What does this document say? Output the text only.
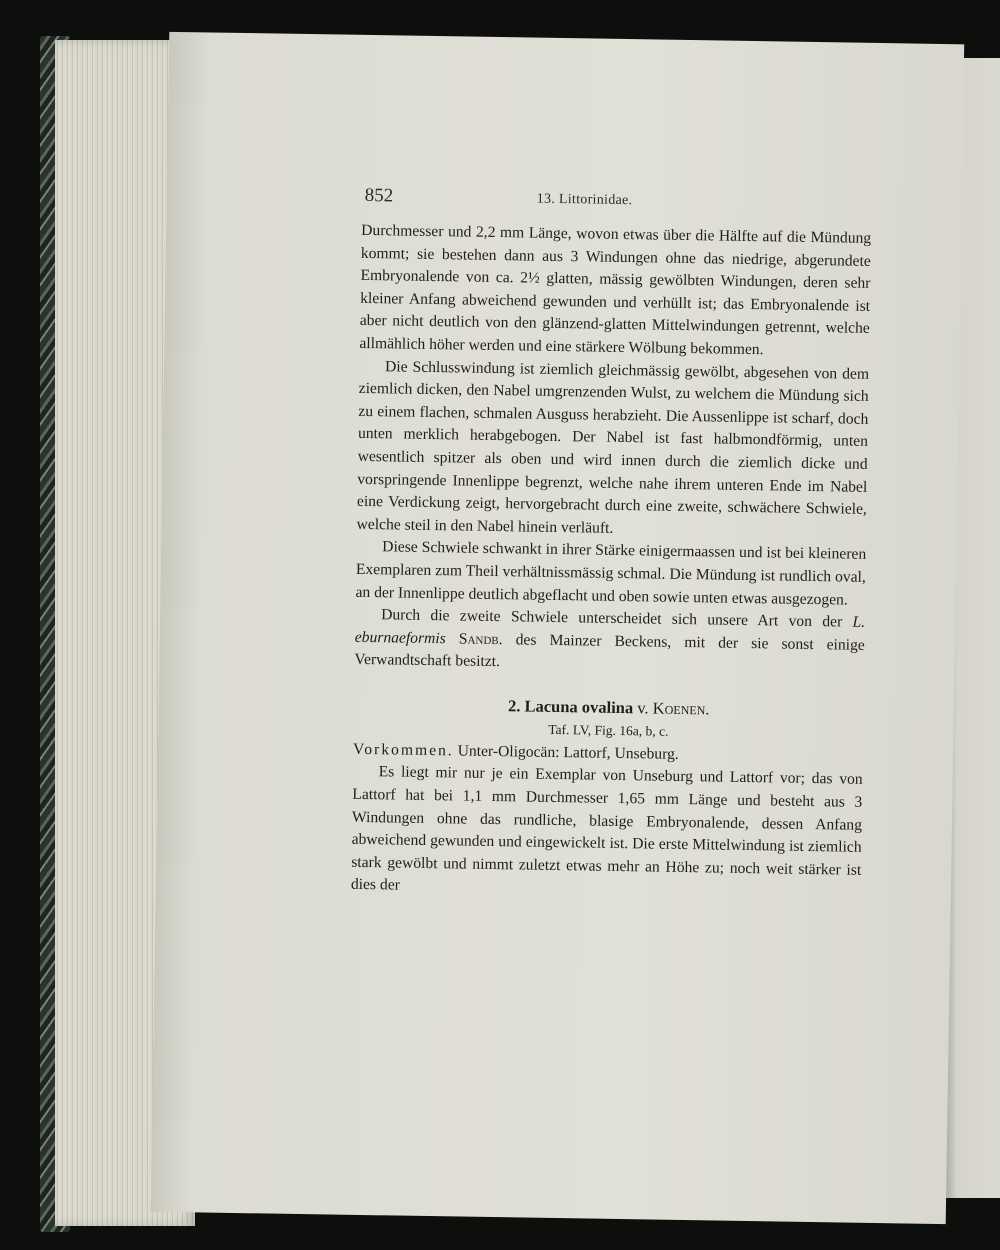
852	13. Littorinidae.

Durchmesser und 2,2 mm Länge, wovon etwas über die Hälfte auf die Mündung kommt; sie bestehen dann aus 3 Windungen ohne das niedrige, abgerundete Embryonalende von ca. 2½ glatten, mässig gewölbten Windungen, deren sehr kleiner Anfang abweichend gewunden und verhüllt ist; das Embryonalende ist aber nicht deutlich von den glänzend-glatten Mittelwindungen getrennt, welche allmählich höher werden und eine stärkere Wölbung bekommen.

Die Schlusswindung ist ziemlich gleichmässig gewölbt, abgesehen von dem ziemlich dicken, den Nabel umgrenzenden Wulst, zu welchem die Mündung sich zu einem flachen, schmalen Ausguss herabzieht. Die Aussenlippe ist scharf, doch unten merklich herabgebogen. Der Nabel ist fast halbmondförmig, unten wesentlich spitzer als oben und wird innen durch die ziemlich dicke und vorspringende Innenlippe begrenzt, welche nahe ihrem unteren Ende im Nabel eine Verdickung zeigt, hervorgebracht durch eine zweite, schwächere Schwiele, welche steil in den Nabel hinein verläuft.

Diese Schwiele schwankt in ihrer Stärke einigermaassen und ist bei kleineren Exemplaren zum Theil verhältnissmässig schmal. Die Mündung ist rundlich oval, an der Innenlippe deutlich abgeflacht und oben sowie unten etwas ausgezogen.

Durch die zweite Schwiele unterscheidet sich unsere Art von der L. eburnaeformis Sandb. des Mainzer Beckens, mit der sie sonst einige Verwandtschaft besitzt.

2. Lacuna ovalina v. Koenen.

Taf. LV, Fig. 16a, b, c.

Vorkommen. Unter-Oligocän: Lattorf, Unseburg.

Es liegt mir nur je ein Exemplar von Unseburg und Lattorf vor; das von Lattorf hat bei 1,1 mm Durchmesser 1,65 mm Länge und besteht aus 3 Windungen ohne das rundliche, blasige Embryonalende, dessen Anfang abweichend gewunden und eingewickelt ist. Die erste Mittelwindung ist ziemlich stark gewölbt und nimmt zuletzt etwas mehr an Höhe zu; noch weit stärker ist dies der
